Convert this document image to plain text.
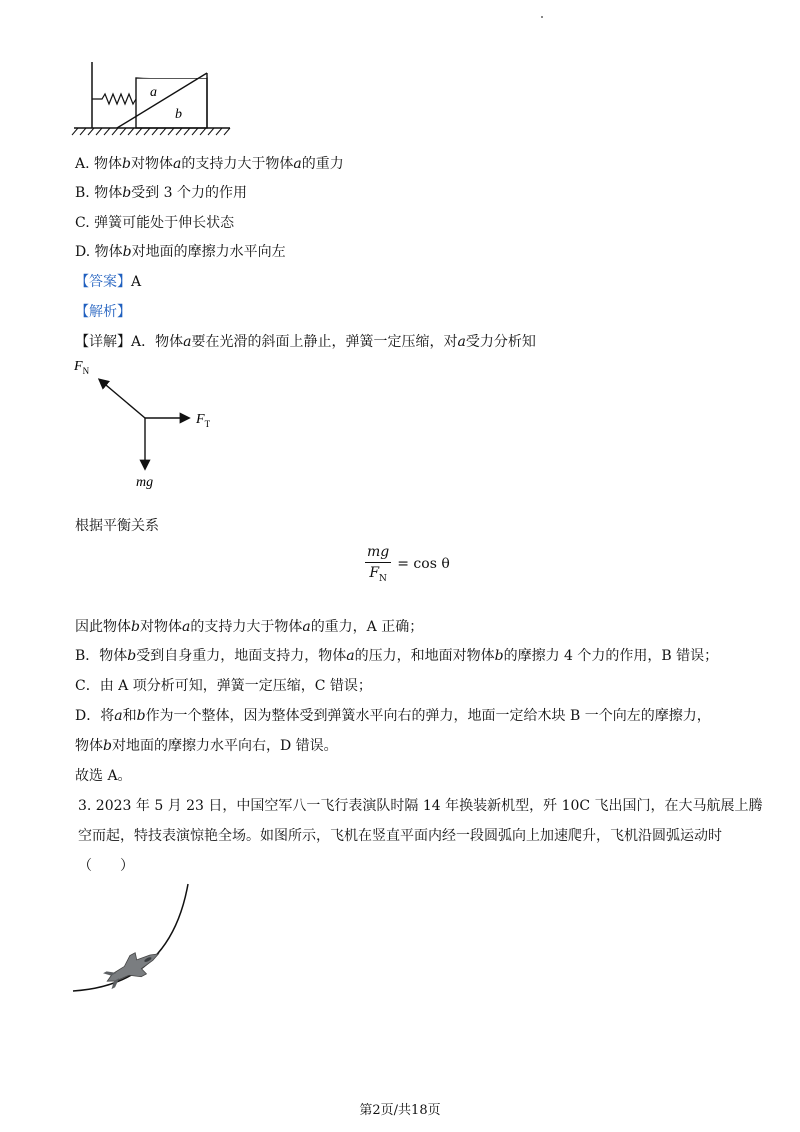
a
b
A. 物体b对物体a的支持力大于物体a的重力
B. 物体b受到 3 个力的作用
C. 弹簧可能处于伸长状态
D. 物体b对地面的摩擦力水平向左
【答案】A
【解析】
【详解】A．物体a要在光滑的斜面上静止，弹簧一定压缩，对a受力分析知
$F_N$
$F_T$
mg
根据平衡关系
$\frac{mg}{F_N} = \cos \theta$
因此物体b对物体a的支持力大于物体a的重力，A 正确；
B．物体b受到自身重力，地面支持力，物体a的压力，和地面对物体b的摩擦力 4 个力的作用，B 错误；
C．由 A 项分析可知，弹簧一定压缩，C 错误；
D．将a和b作为一个整体，因为整体受到弹簧水平向右的弹力，地面一定给木块 B 一个向左的摩擦力，
物体b对地面的摩擦力水平向右，D 错误。
故选 A。
3. 2023 年 5 月 23 日，中国空军八一飞行表演队时隔 14 年换装新机型，歼 10C 飞出国门，在大马航展上腾
空而起，特技表演惊艳全场。如图所示，飞机在竖直平面内经一段圆弧向上加速爬升，飞机沿圆弧运动时
（　　）
第2页/共18页
